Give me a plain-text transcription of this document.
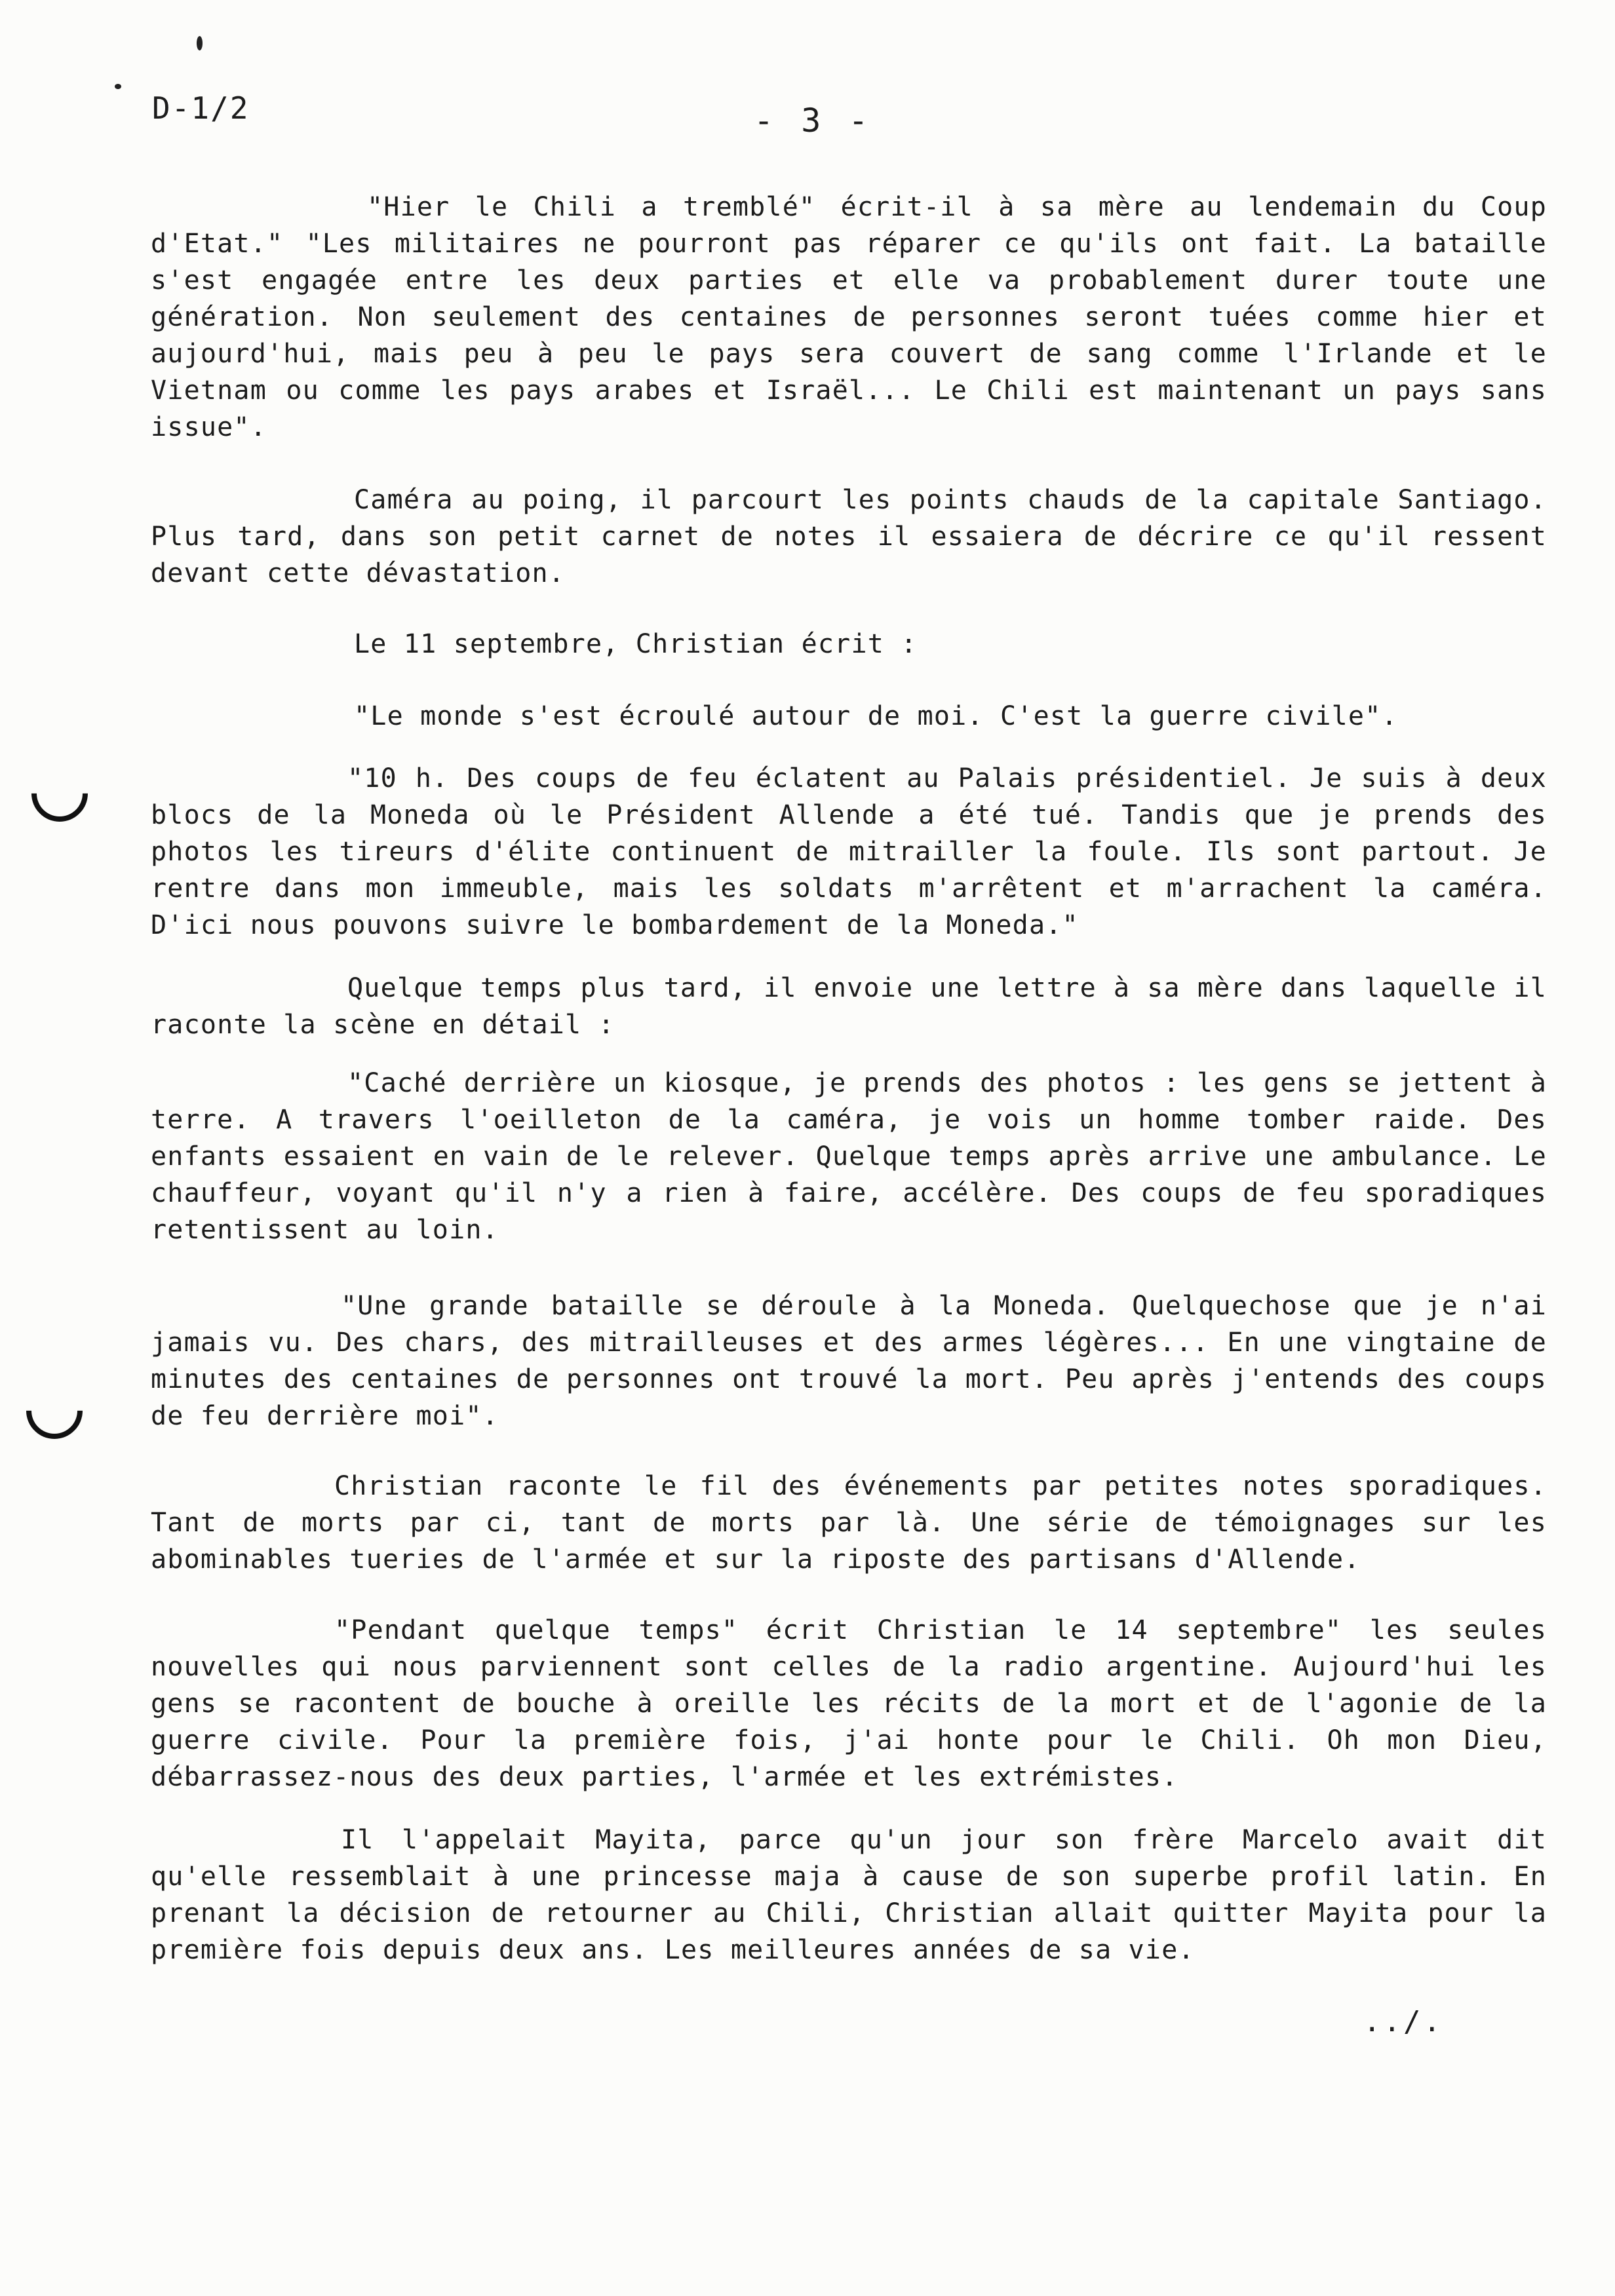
D-1/2	- 3 -

"Hier le Chili a tremblé" écrit-il à sa mère au lendemain du Coup d'Etat." "Les militaires ne pourront pas réparer ce qu'ils ont fait. La bataille s'est engagée entre les deux parties et elle va probablement durer toute une génération. Non seulement des centaines de personnes seront tuées comme hier et aujourd'hui, mais peu à peu le pays sera couvert de sang comme l'Irlande et le Vietnam ou comme les pays arabes et Israël... Le Chili est maintenant un pays sans issue".

Caméra au poing, il parcourt les points chauds de la capitale Santiago. Plus tard, dans son petit carnet de notes il essaiera de décrire ce qu'il ressent devant cette dévastation.

Le 11 septembre, Christian écrit :

"Le monde s'est écroulé autour de moi. C'est la guerre civile".

"10 h. Des coups de feu éclatent au Palais présidentiel. Je suis à deux blocs de la Moneda où le Président Allende a été tué. Tandis que je prends des photos les tireurs d'élite continuent de mitrailler la foule. Ils sont partout. Je rentre dans mon immeuble, mais les soldats m'arrêtent et m'arrachent la caméra. D'ici nous pouvons suivre le bombardement de la Moneda."

Quelque temps plus tard, il envoie une lettre à sa mère dans laquelle il raconte la scène en détail :

"Caché derrière un kiosque, je prends des photos : les gens se jettent à terre. A travers l'oeilleton de la caméra, je vois un homme tomber raide. Des enfants essaient en vain de le relever. Quelque temps après arrive une ambulance. Le chauffeur, voyant qu'il n'y a rien à faire, accélère. Des coups de feu sporadiques retentissent au loin.

"Une grande bataille se déroule à la Moneda. Quelquechose que je n'ai jamais vu. Des chars, des mitrailleuses et des armes légères... En une vingtaine de minutes des centaines de personnes ont trouvé la mort. Peu après j'entends des coups de feu derrière moi".

Christian raconte le fil des événements par petites notes sporadiques. Tant de morts par ci, tant de morts par là. Une série de témoignages sur les abominables tueries de l'armée et sur la riposte des partisans d'Allende.

"Pendant quelque temps" écrit Christian le 14 septembre" les seules nouvelles qui nous parviennent sont celles de la radio argentine. Aujourd'hui les gens se racontent de bouche à oreille les récits de la mort et de l'agonie de la guerre civile. Pour la première fois, j'ai honte pour le Chili. Oh mon Dieu, débarrassez-nous des deux parties, l'armée et les extrémistes.

Il l'appelait Mayita, parce qu'un jour son frère Marcelo avait dit qu'elle ressemblait à une princesse maja à cause de son superbe profil latin. En prenant la décision de retourner au Chili, Christian allait quitter Mayita pour la première fois depuis deux ans. Les meilleures années de sa vie.

../.
